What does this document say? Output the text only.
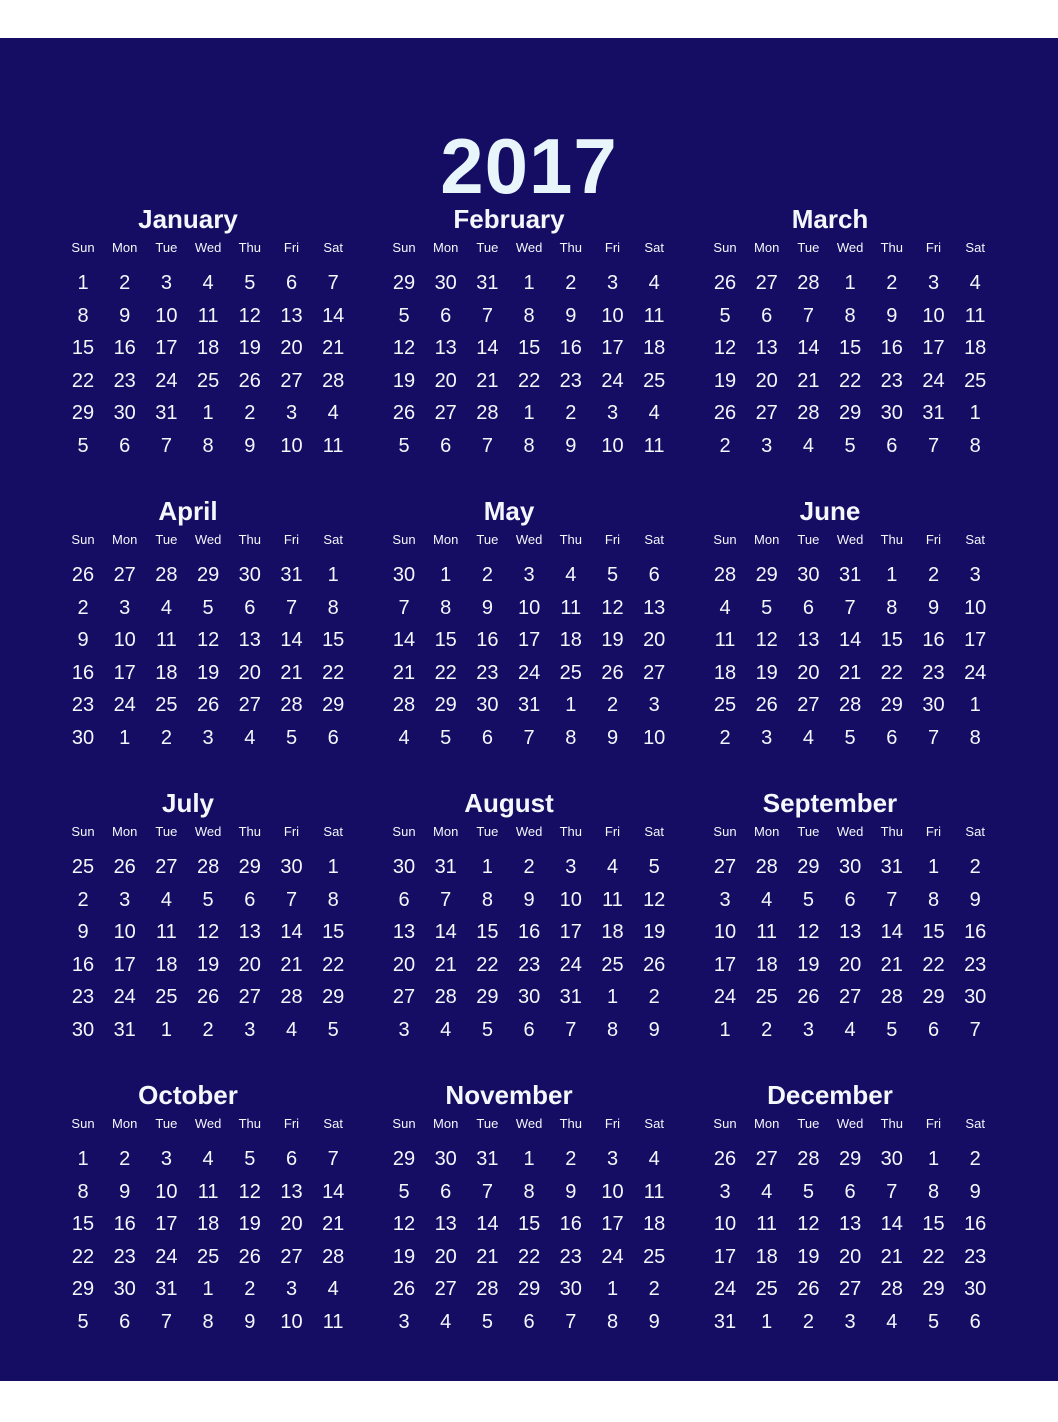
2017
January
Sun	Mon	Tue	Wed	Thu	Fri	Sat
1	2	3	4	5	6	7
8	9	10	11	12 13 14
15 16 17 18 19 20 21
22 23 24 25 26 27 28
29 30 31	1	2	3	4
5	6	7	8	9	10	11
February
Sun	Mon	Tue	Wed	Thu	Fri	Sat
29 30 31	1	2	3	4
5	6	7	8	9	10	11
12 13 14 15 16 17 18
19 20 21 22 23 24 25
26 27 28	1	2	3	4
5	6	7	8	9	10	11
March
Sun	Mon	Tue	Wed	Thu	Fri	Sat
26 27 28	1	2	3	4
5	6	7	8	9	10	11
12 13 14 15 16 17 18
19 20 21 22 23 24 25
26 27 28 29 30 31	1
2	3	4	5	6	7	8
April
Sun	Mon	Tue	Wed	Thu	Fri	Sat
26 27 28 29 30 31	1
2	3	4	5	6	7	8
9	10	11	12 13 14 15
16 17 18 19 20 21 22
23 24 25 26 27 28 29
30	1	2	3	4	5	6
May
Sun	Mon	Tue	Wed	Thu	Fri	Sat
30	1	2	3	4	5	6
7	8	9	10	11	12 13
14 15 16 17 18 19 20
21 22 23 24 25 26 27
28 29 30 31	1	2	3
4	5	6	7	8	9	10
June
Sun	Mon	Tue	Wed	Thu	Fri	Sat
28 29 30 31	1	2	3
4	5	6	7	8	9	10
11	12 13 14 15 16 17
18 19 20 21 22 23 24
25 26 27 28 29 30	1
2	3	4	5	6	7	8
July
Sun	Mon	Tue	Wed	Thu	Fri	Sat
25 26 27 28 29 30	1
2	3	4	5	6	7	8
9	10	11	12 13 14 15
16 17 18 19 20 21 22
23 24 25 26 27 28 29
30 31	1	2	3	4	5
August
Sun	Mon	Tue	Wed	Thu	Fri	Sat
30 31	1	2	3	4	5
6	7	8	9	10	11	12
13 14 15 16 17 18 19
20 21 22 23 24 25 26
27 28 29 30 31	1	2
3	4	5	6	7	8	9
September
Sun	Mon	Tue	Wed	Thu	Fri	Sat
27 28 29 30 31	1	2
3	4	5	6	7	8	9
10	11	12 13 14 15 16
17 18 19 20 21 22 23
24 25 26 27 28 29 30
1	2	3	4	5	6	7
October
Sun	Mon	Tue	Wed	Thu	Fri	Sat
1	2	3	4	5	6	7
8	9	10	11	12 13 14
15 16 17 18 19 20 21
22 23 24 25 26 27 28
29 30 31	1	2	3	4
5	6	7	8	9	10	11
November
Sun	Mon	Tue	Wed	Thu	Fri	Sat
29 30 31	1	2	3	4
5	6	7	8	9	10	11
12 13 14 15 16 17 18
19 20 21 22 23 24 25
26 27 28 29 30	1	2
3	4	5	6	7	8	9
December
Sun	Mon	Tue	Wed	Thu	Fri	Sat
26 27 28 29 30	1	2
3	4	5	6	7	8	9
10	11	12 13 14 15 16
17 18 19 20 21 22 23
24 25 26 27 28 29 30
31	1	2	3	4	5	6
